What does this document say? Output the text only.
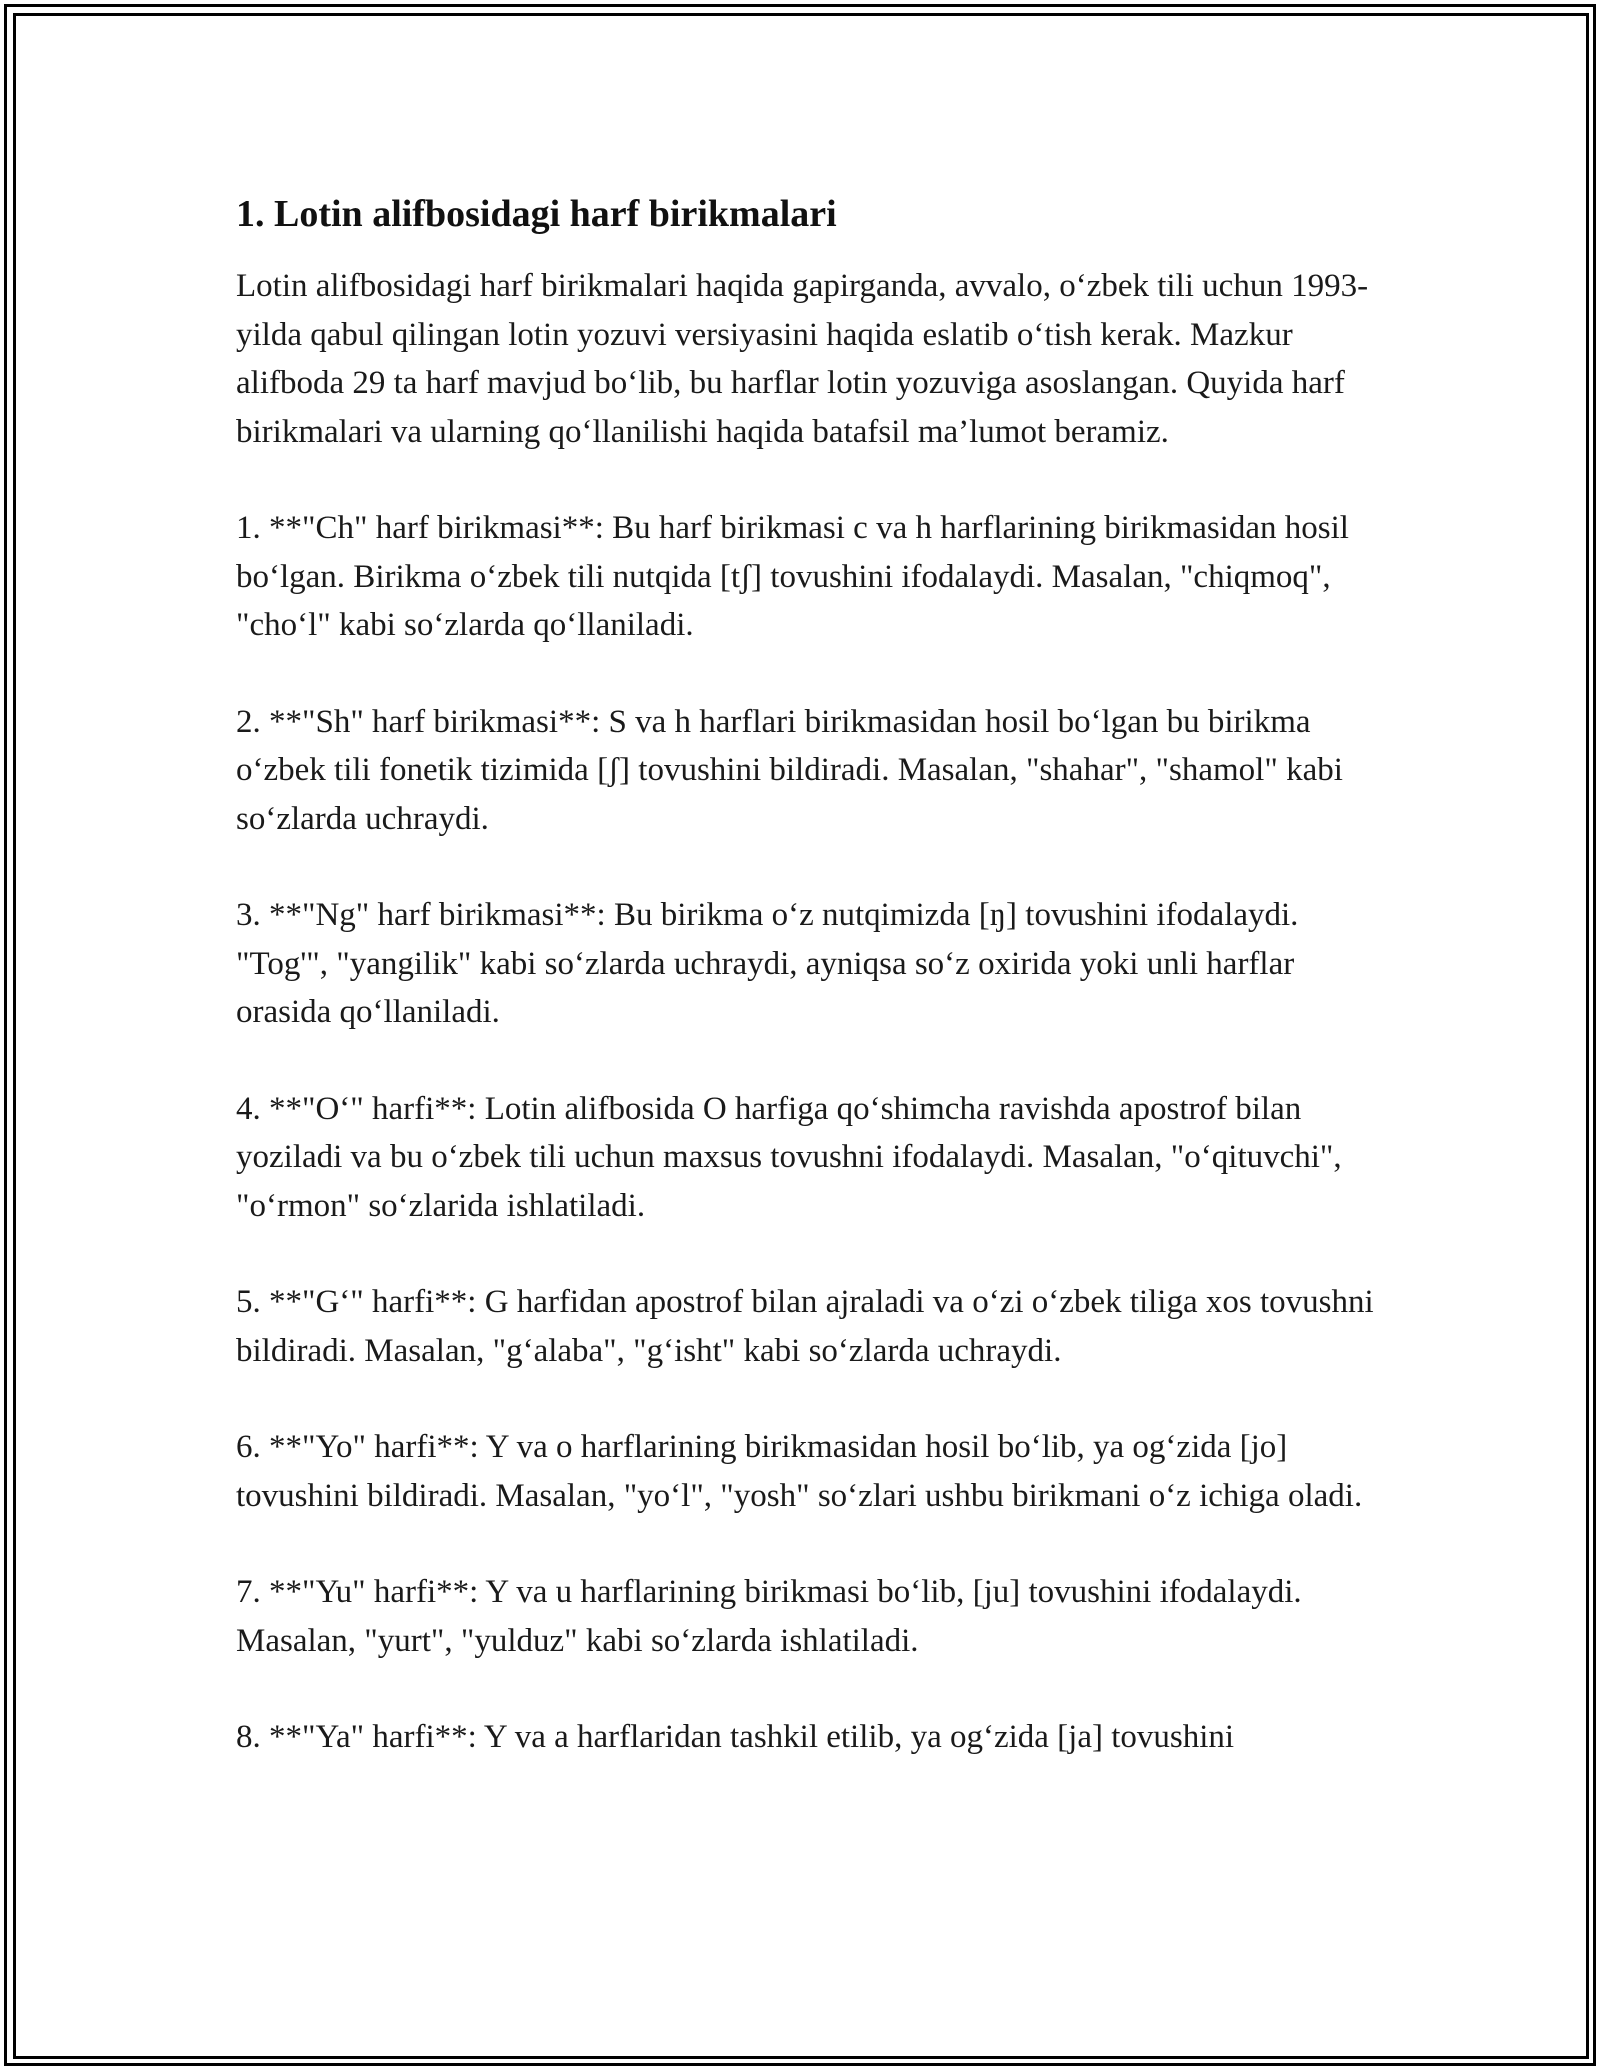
1. Lotin alifbosidagi harf birikmalari

Lotin alifbosidagi harf birikmalari haqida gapirganda, avvalo, o‘zbek tili uchun 1993-yilda qabul qilingan lotin yozuvi versiyasini haqida eslatib o‘tish kerak. Mazkur alifboda 29 ta harf mavjud bo‘lib, bu harflar lotin yozuviga asoslangan. Quyida harf birikmalari va ularning qo‘llanilishi haqida batafsil ma’lumot beramiz.

1. **"Ch" harf birikmasi**: Bu harf birikmasi c va h harflarining birikmasidan hosil bo‘lgan. Birikma o‘zbek tili nutqida [tʃ] tovushini ifodalaydi. Masalan, "chiqmoq", "cho‘l" kabi so‘zlarda qo‘llaniladi.

2. **"Sh" harf birikmasi**: S va h harflari birikmasidan hosil bo‘lgan bu birikma o‘zbek tili fonetik tizimida [ʃ] tovushini bildiradi. Masalan, "shahar", "shamol" kabi so‘zlarda uchraydi.

3. **"Ng" harf birikmasi**: Bu birikma o‘z nutqimizda [ŋ] tovushini ifodalaydi. "Tog'", "yangilik" kabi so‘zlarda uchraydi, ayniqsa so‘z oxirida yoki unli harflar orasida qo‘llaniladi.

4. **"O‘" harfi**: Lotin alifbosida O harfiga qo‘shimcha ravishda apostrof bilan yoziladi va bu o‘zbek tili uchun maxsus tovushni ifodalaydi. Masalan, "o‘qituvchi", "o‘rmon" so‘zlarida ishlatiladi.

5. **"G‘" harfi**: G harfidan apostrof bilan ajraladi va o‘zi o‘zbek tiliga xos tovushni bildiradi. Masalan, "g‘alaba", "g‘isht" kabi so‘zlarda uchraydi.

6. **"Yo" harfi**: Y va o harflarining birikmasidan hosil bo‘lib, ya og‘zida [jo] tovushini bildiradi. Masalan, "yo‘l", "yosh" so‘zlari ushbu birikmani o‘z ichiga oladi.

7. **"Yu" harfi**: Y va u harflarining birikmasi bo‘lib, [ju] tovushini ifodalaydi. Masalan, "yurt", "yulduz" kabi so‘zlarda ishlatiladi.

8. **"Ya" harfi**: Y va a harflaridan tashkil etilib, ya og‘zida [ja] tovushini
